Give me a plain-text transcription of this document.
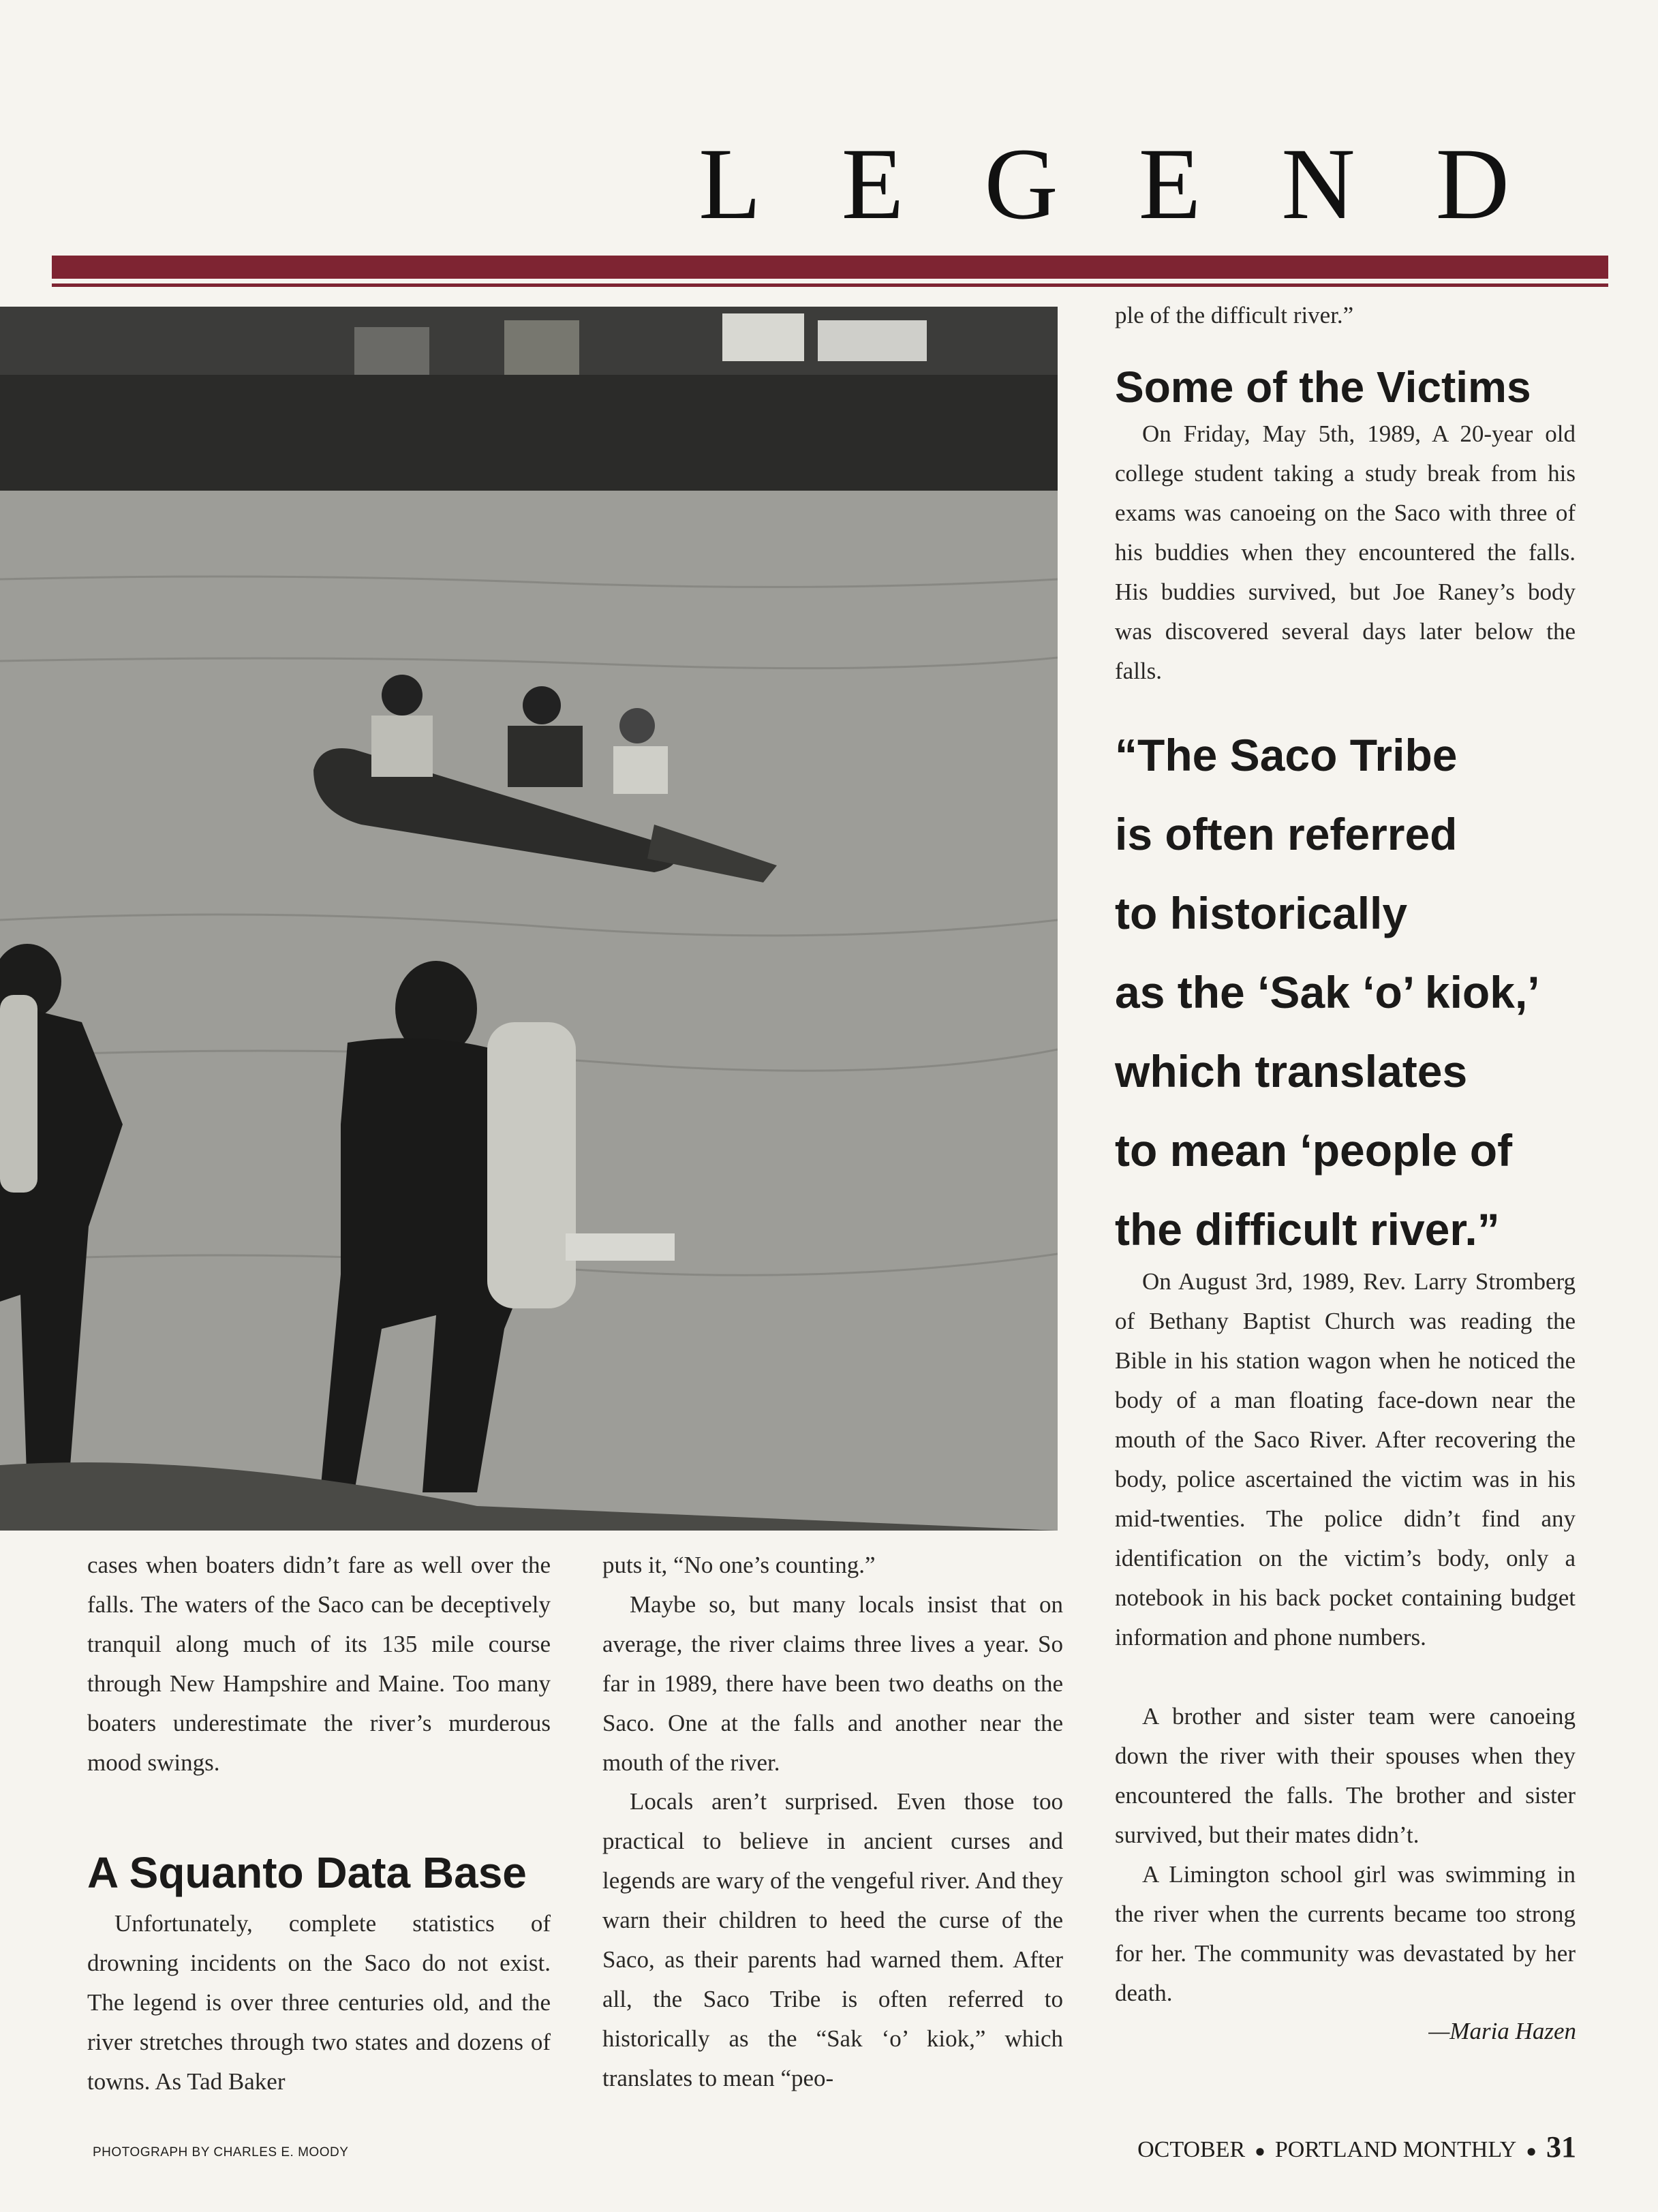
LEGEND

cases when boaters didn’t fare as well over the falls. The waters of the Saco can be deceptively tranquil along much of its 135 mile course through New Hampshire and Maine. Too many boaters underestimate the river’s murderous mood swings.

A Squanto Data Base

Unfortunately, complete statistics of drowning incidents on the Saco do not exist. The legend is over three centuries old, and the river stretches through two states and dozens of towns. As Tad Baker

puts it, “No one’s counting.”

Maybe so, but many locals insist that on average, the river claims three lives a year. So far in 1989, there have been two deaths on the Saco. One at the falls and another near the mouth of the river.

Locals aren’t surprised. Even those too practical to believe in ancient curses and legends are wary of the vengeful river. And they warn their children to heed the curse of the Saco, as their parents had warned them. After all, the Saco Tribe is often referred to historically as the “Sak ‘o’ kiok,” which translates to mean “peo-

ple of the difficult river.”

Some of the Victims

On Friday, May 5th, 1989, A 20-year old college student taking a study break from his exams was canoeing on the Saco with three of his buddies when they encountered the falls. His buddies survived, but Joe Raney’s body was discovered several days later below the falls.

“The Saco Tribe
is often referred
to historically
as the ‘Sak ‘o’ kiok,’
which translates
to mean ‘people of
the difficult river.”

On August 3rd, 1989, Rev. Larry Stromberg of Bethany Baptist Church was reading the Bible in his station wagon when he noticed the body of a man floating face-down near the mouth of the Saco River. After recovering the body, police ascertained the victim was in his mid-twenties. The police didn’t find any identification on the victim’s body, only a notebook in his back pocket containing budget information and phone numbers.

A brother and sister team were canoeing down the river with their spouses when they encountered the falls. The brother and sister survived, but their mates didn’t.

A Limington school girl was swimming in the river when the currents became too strong for her. The community was devastated by her death.

—Maria Hazen
PHOTOGRAPH BY CHARLES E. MOODY	OCTOBER ● PORTLAND MONTHLY ● 31
